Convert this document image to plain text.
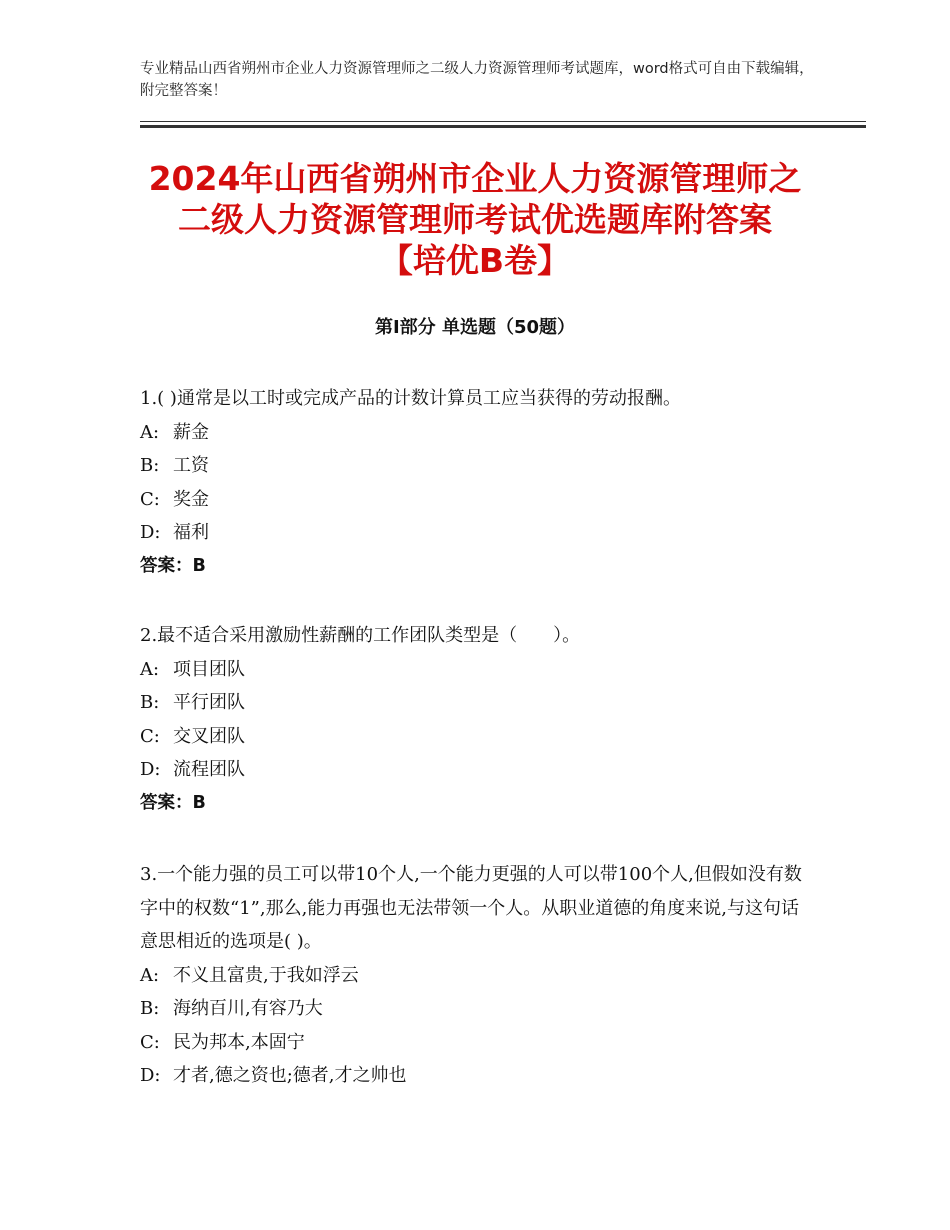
专业精品山西省朔州市企业人力资源管理师之二级人力资源管理师考试题库，word格式可自由下载编辑，附完整答案！
2024年山西省朔州市企业人力资源管理师之
二级人力资源管理师考试优选题库附答案
【培优B卷】
第Ⅰ部分 单选题（50题）
1.( )通常是以工时或完成产品的计数计算员工应当获得的劳动报酬。
A: 薪金
B: 工资
C: 奖金
D: 福利
答案：B
2.最不适合采用激励性薪酬的工作团队类型是（　　）。
A: 项目团队
B: 平行团队
C: 交叉团队
D: 流程团队
答案：B
3.一个能力强的员工可以带10个人,一个能力更强的人可以带100个人,但假如没有数字中的权数“1”,那么,能力再强也无法带领一个人。从职业道德的角度来说,与这句话意思相近的选项是( )。
A: 不义且富贵,于我如浮云
B: 海纳百川,有容乃大
C: 民为邦本,本固宁
D: 才者,德之资也;德者,才之帅也
